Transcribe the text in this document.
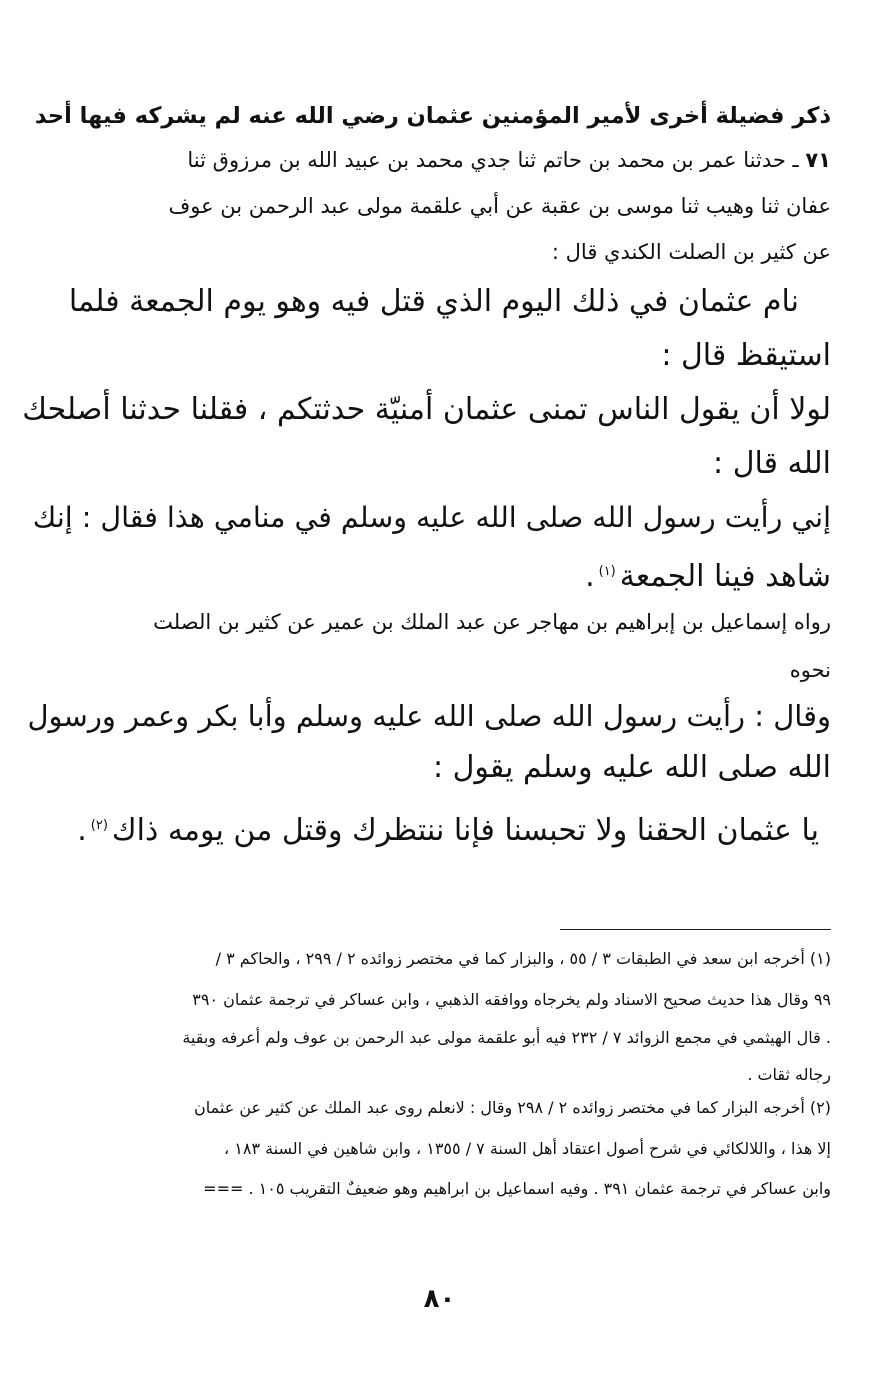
ذكر فضيلة أخرى لأمير المؤمنين عثمان رضي الله عنه لم يشركه فيها أحد
٧١ ـ حدثنا عمر بن محمد بن حاتم ثنا جدي محمد بن عبيد الله بن مرزوق ثنا
عفان ثنا وهيب ثنا موسى بن عقبة عن أبي علقمة مولى عبد الرحمن بن عوف
عن كثير بن الصلت الكندي قال :
نام عثمان في ذلك اليوم الذي قتل فيه وهو يوم الجمعة فلما
استيقظ قال :
لولا أن يقول الناس تمنى عثمان أمنيّة حدثتكم ، فقلنا حدثنا أصلحك
الله قال :
إني رأيت رسول الله صلى الله عليه وسلم في منامي هذا فقال : إنك
شاهد فينا الجمعة$^{(١)}$.
رواه إسماعيل بن إبراهيم بن مهاجر عن عبد الملك بن عمير عن كثير بن الصلت
نحوه
وقال : رأيت رسول الله صلى الله عليه وسلم وأبا بكر وعمر ورسول
الله صلى الله عليه وسلم يقول :
يا عثمان الحقنا ولا تحبسنا فإنا ننتظرك وقتل من يومه ذاك$^{(٢)}$.
(١) أخرجه ابن سعد في الطبقات ٣ / ٥٥ ، والبزار كما في مختصر زوائده ٢ / ٢٩٩ ، والحاكم ٣ /
٩٩ وقال هذا حديث صحيح الاسناد ولم يخرجاه ووافقه الذهبي ، وابن عساكر في ترجمة عثمان ٣٩٠
. قال الهيثمي في مجمع الزوائد ٧ / ٢٣٢ فيه أبو علقمة مولى عبد الرحمن بن عوف ولم أعرفه وبقية
رجاله ثقات .
(٢) أخرجه البزار كما في مختصر زوائده ٢ / ٢٩٨ وقال : لانعلم روى عبد الملك عن كثير عن عثمان
إلا هذا ، واللالكائي في شرح أصول اعتقاد أهل السنة ٧ / ١٣٥٥ ، وابن شاهين في السنة ١٨٣ ،
وابن عساكر في ترجمة عثمان ٣٩١ . وفيه اسماعيل بن ابراهيم وهو ضعيفٌ التقريب ١٠٥ . ===
٨٠
